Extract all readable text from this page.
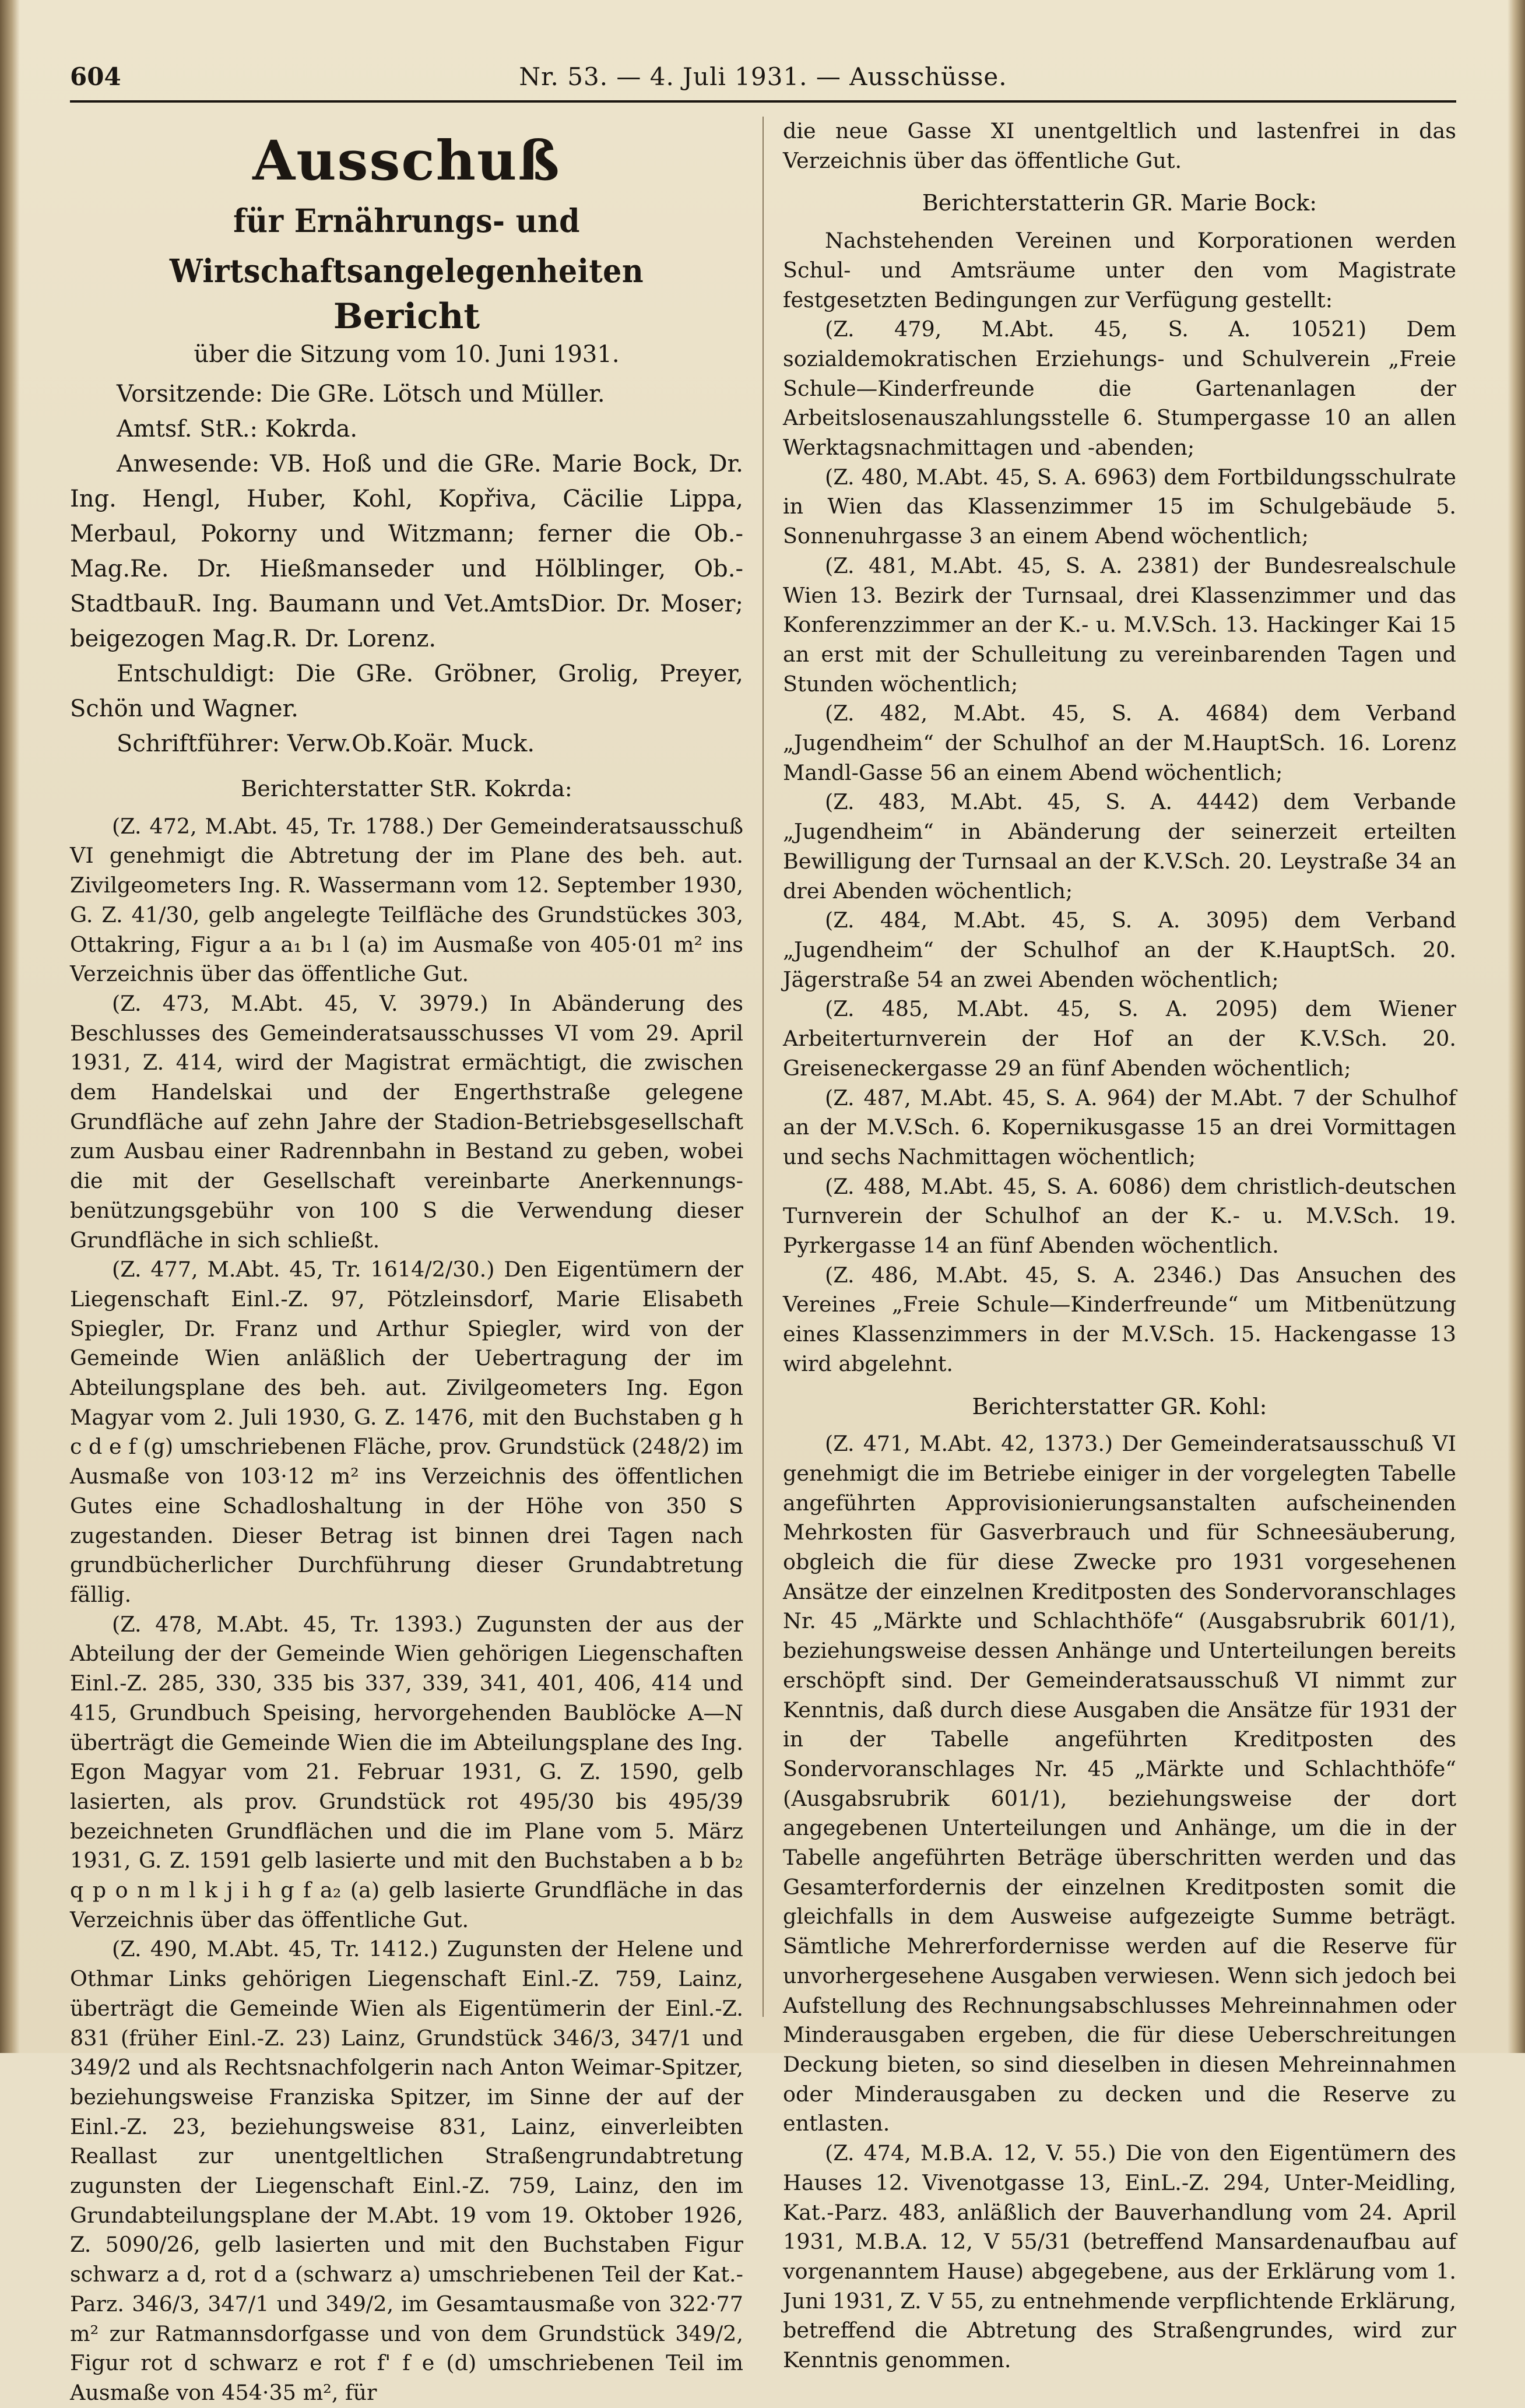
604	Nr. 53. — 4. Juli 1931. — Ausschüsse.
Ausschuß
für Ernährungs- und Wirtschaftsangelegenheiten
Bericht
über die Sitzung vom 10. Juni 1931.

Vorsitzende: Die GRe. Lötsch und Müller.

Amtsf. StR.: Kokrda.

Anwesende: VB. Hoß und die GRe. Marie Bock, Dr. Ing. Hengl, Huber, Kohl, Kopřiva, Cäcilie Lippa, Merbaul, Pokorny und Witzmann; ferner die Ob.-Mag.Re. Dr. Hießmanseder und Hölblinger, Ob.-StadtbauR. Ing. Baumann und Vet.AmtsDior. Dr. Moser; beigezogen Mag.R. Dr. Lorenz.

Entschuldigt: Die GRe. Gröbner, Grolig, Preyer, Schön und Wagner.

Schriftführer: Verw.Ob.Koär. Muck.

Berichterstatter StR. Kokrda:

(Z. 472, M.Abt. 45, Tr. 1788.) Der Gemeinderatsausschuß VI genehmigt die Abtretung der im Plane des beh. aut. Zivilgeometers Ing. R. Wassermann vom 12. September 1930, G. Z. 41/30, gelb angelegte Teilfläche des Grundstückes 303, Ottakring, Figur a a₁ b₁ l (a) im Ausmaße von 405·01 m² ins Verzeichnis über das öffentliche Gut.

(Z. 473, M.Abt. 45, V. 3979.) In Abänderung des Beschlusses des Gemeinderatsausschusses VI vom 29. April 1931, Z. 414, wird der Magistrat ermächtigt, die zwischen dem Handelskai und der Engerthstraße gelegene Grundfläche auf zehn Jahre der Stadion-Betriebsgesellschaft zum Ausbau einer Radrennbahn in Bestand zu geben, wobei die mit der Gesellschaft vereinbarte Anerkennungs-benützungsgebühr von 100 S die Verwendung dieser Grundfläche in sich schließt.

(Z. 477, M.Abt. 45, Tr. 1614/2/30.) Den Eigentümern der Liegenschaft Einl.-Z. 97, Pötzleinsdorf, Marie Elisabeth Spiegler, Dr. Franz und Arthur Spiegler, wird von der Gemeinde Wien anläßlich der Uebertragung der im Abteilungsplane des beh. aut. Zivilgeometers Ing. Egon Magyar vom 2. Juli 1930, G. Z. 1476, mit den Buchstaben g h c d e f (g) umschriebenen Fläche, prov. Grundstück (248/2) im Ausmaße von 103·12 m² ins Verzeichnis des öffentlichen Gutes eine Schadloshaltung in der Höhe von 350 S zugestanden. Dieser Betrag ist binnen drei Tagen nach grundbücherlicher Durchführung dieser Grundabtretung fällig.

(Z. 478, M.Abt. 45, Tr. 1393.) Zugunsten der aus der Abteilung der der Gemeinde Wien gehörigen Liegenschaften Einl.-Z. 285, 330, 335 bis 337, 339, 341, 401, 406, 414 und 415, Grundbuch Speising, hervorgehenden Baublöcke A—N überträgt die Gemeinde Wien die im Abteilungsplane des Ing. Egon Magyar vom 21. Februar 1931, G. Z. 1590, gelb lasierten, als prov. Grundstück rot 495/30 bis 495/39 bezeichneten Grundflächen und die im Plane vom 5. März 1931, G. Z. 1591 gelb lasierte und mit den Buchstaben a b b₂ q p o n m l k j i h g f a₂ (a) gelb lasierte Grundfläche in das Verzeichnis über das öffentliche Gut.

(Z. 490, M.Abt. 45, Tr. 1412.) Zugunsten der Helene und Othmar Links gehörigen Liegenschaft Einl.-Z. 759, Lainz, überträgt die Gemeinde Wien als Eigentümerin der Einl.-Z. 831 (früher Einl.-Z. 23) Lainz, Grundstück 346/3, 347/1 und 349/2 und als Rechtsnachfolgerin nach Anton Weimar-Spitzer, beziehungsweise Franziska Spitzer, im Sinne der auf der Einl.-Z. 23, beziehungsweise 831, Lainz, einverleibten Reallast zur unentgeltlichen Straßengrundabtretung zugunsten der Liegenschaft Einl.-Z. 759, Lainz, den im Grundabteilungsplane der M.Abt. 19 vom 19. Oktober 1926, Z. 5090/26, gelb lasierten und mit den Buchstaben Figur schwarz a d, rot d a (schwarz a) umschriebenen Teil der Kat.-Parz. 346/3, 347/1 und 349/2, im Gesamtausmaße von 322·77 m² zur Ratmannsdorfgasse und von dem Grundstück 349/2, Figur rot d schwarz e rot f' f e (d) umschriebenen Teil im Ausmaße von 454·35 m², für

die neue Gasse XI unentgeltlich und lastenfrei in das Verzeichnis über das öffentliche Gut.

Berichterstatterin GR. Marie Bock:

Nachstehenden Vereinen und Korporationen werden Schul- und Amtsräume unter den vom Magistrate festgesetzten Bedingungen zur Verfügung gestellt:

(Z. 479, M.Abt. 45, S. A. 10521) Dem sozialdemokratischen Erziehungs- und Schulverein „Freie Schule—Kinderfreunde die Gartenanlagen der Arbeitslosenauszahlungsstelle 6. Stumpergasse 10 an allen Werktagsnachmittagen und -abenden;

(Z. 480, M.Abt. 45, S. A. 6963) dem Fortbildungsschulrate in Wien das Klassenzimmer 15 im Schulgebäude 5. Sonnenuhrgasse 3 an einem Abend wöchentlich;

(Z. 481, M.Abt. 45, S. A. 2381) der Bundesrealschule Wien 13. Bezirk der Turnsaal, drei Klassenzimmer und das Konferenzzimmer an der K.- u. M.V.Sch. 13. Hackinger Kai 15 an erst mit der Schulleitung zu vereinbarenden Tagen und Stunden wöchentlich;

(Z. 482, M.Abt. 45, S. A. 4684) dem Verband „Jugendheim“ der Schulhof an der M.HauptSch. 16. Lorenz Mandl-Gasse 56 an einem Abend wöchentlich;

(Z. 483, M.Abt. 45, S. A. 4442) dem Verbande „Jugendheim“ in Abänderung der seinerzeit erteilten Bewilligung der Turnsaal an der K.V.Sch. 20. Leystraße 34 an drei Abenden wöchentlich;

(Z. 484, M.Abt. 45, S. A. 3095) dem Verband „Jugendheim“ der Schulhof an der K.HauptSch. 20. Jägerstraße 54 an zwei Abenden wöchentlich;

(Z. 485, M.Abt. 45, S. A. 2095) dem Wiener Arbeiterturnverein der Hof an der K.V.Sch. 20. Greiseneckergasse 29 an fünf Abenden wöchentlich;

(Z. 487, M.Abt. 45, S. A. 964) der M.Abt. 7 der Schulhof an der M.V.Sch. 6. Kopernikusgasse 15 an drei Vormittagen und sechs Nachmittagen wöchentlich;

(Z. 488, M.Abt. 45, S. A. 6086) dem christlich-deutschen Turnverein der Schulhof an der K.- u. M.V.Sch. 19. Pyrkergasse 14 an fünf Abenden wöchentlich.

(Z. 486, M.Abt. 45, S. A. 2346.) Das Ansuchen des Vereines „Freie Schule—Kinderfreunde“ um Mitbenützung eines Klassenzimmers in der M.V.Sch. 15. Hackengasse 13 wird abgelehnt.

Berichterstatter GR. Kohl:

(Z. 471, M.Abt. 42, 1373.) Der Gemeinderatsausschuß VI genehmigt die im Betriebe einiger in der vorgelegten Tabelle angeführten Approvisionierungsanstalten aufscheinenden Mehrkosten für Gasverbrauch und für Schneesäuberung, obgleich die für diese Zwecke pro 1931 vorgesehenen Ansätze der einzelnen Kreditposten des Sondervoranschlages Nr. 45 „Märkte und Schlachthöfe“ (Ausgabsrubrik 601/1), beziehungsweise dessen Anhänge und Unterteilungen bereits erschöpft sind. Der Gemeinderatsausschuß VI nimmt zur Kenntnis, daß durch diese Ausgaben die Ansätze für 1931 der in der Tabelle angeführten Kreditposten des Sondervoranschlages Nr. 45 „Märkte und Schlachthöfe“ (Ausgabsrubrik 601/1), beziehungsweise der dort angegebenen Unterteilungen und Anhänge, um die in der Tabelle angeführten Beträge überschritten werden und das Gesamterfordernis der einzelnen Kreditposten somit die gleichfalls in dem Ausweise aufgezeigte Summe beträgt. Sämtliche Mehrerfordernisse werden auf die Reserve für unvorhergesehene Ausgaben verwiesen. Wenn sich jedoch bei Aufstellung des Rechnungsabschlusses Mehreinnahmen oder Minderausgaben ergeben, die für diese Ueberschreitungen Deckung bieten, so sind dieselben in diesen Mehreinnahmen oder Minderausgaben zu decken und die Reserve zu entlasten.

(Z. 474, M.B.A. 12, V. 55.) Die von den Eigentümern des Hauses 12. Vivenotgasse 13, EinL.-Z. 294, Unter-Meidling, Kat.-Parz. 483, anläßlich der Bauverhandlung vom 24. April 1931, M.B.A. 12, V 55/31 (betreffend Mansardenaufbau auf vorgenanntem Hause) abgegebene, aus der Erklärung vom 1. Juni 1931, Z. V 55, zu entnehmende verpflichtende Erklärung, betreffend die Abtretung des Straßengrundes, wird zur Kenntnis genommen.
